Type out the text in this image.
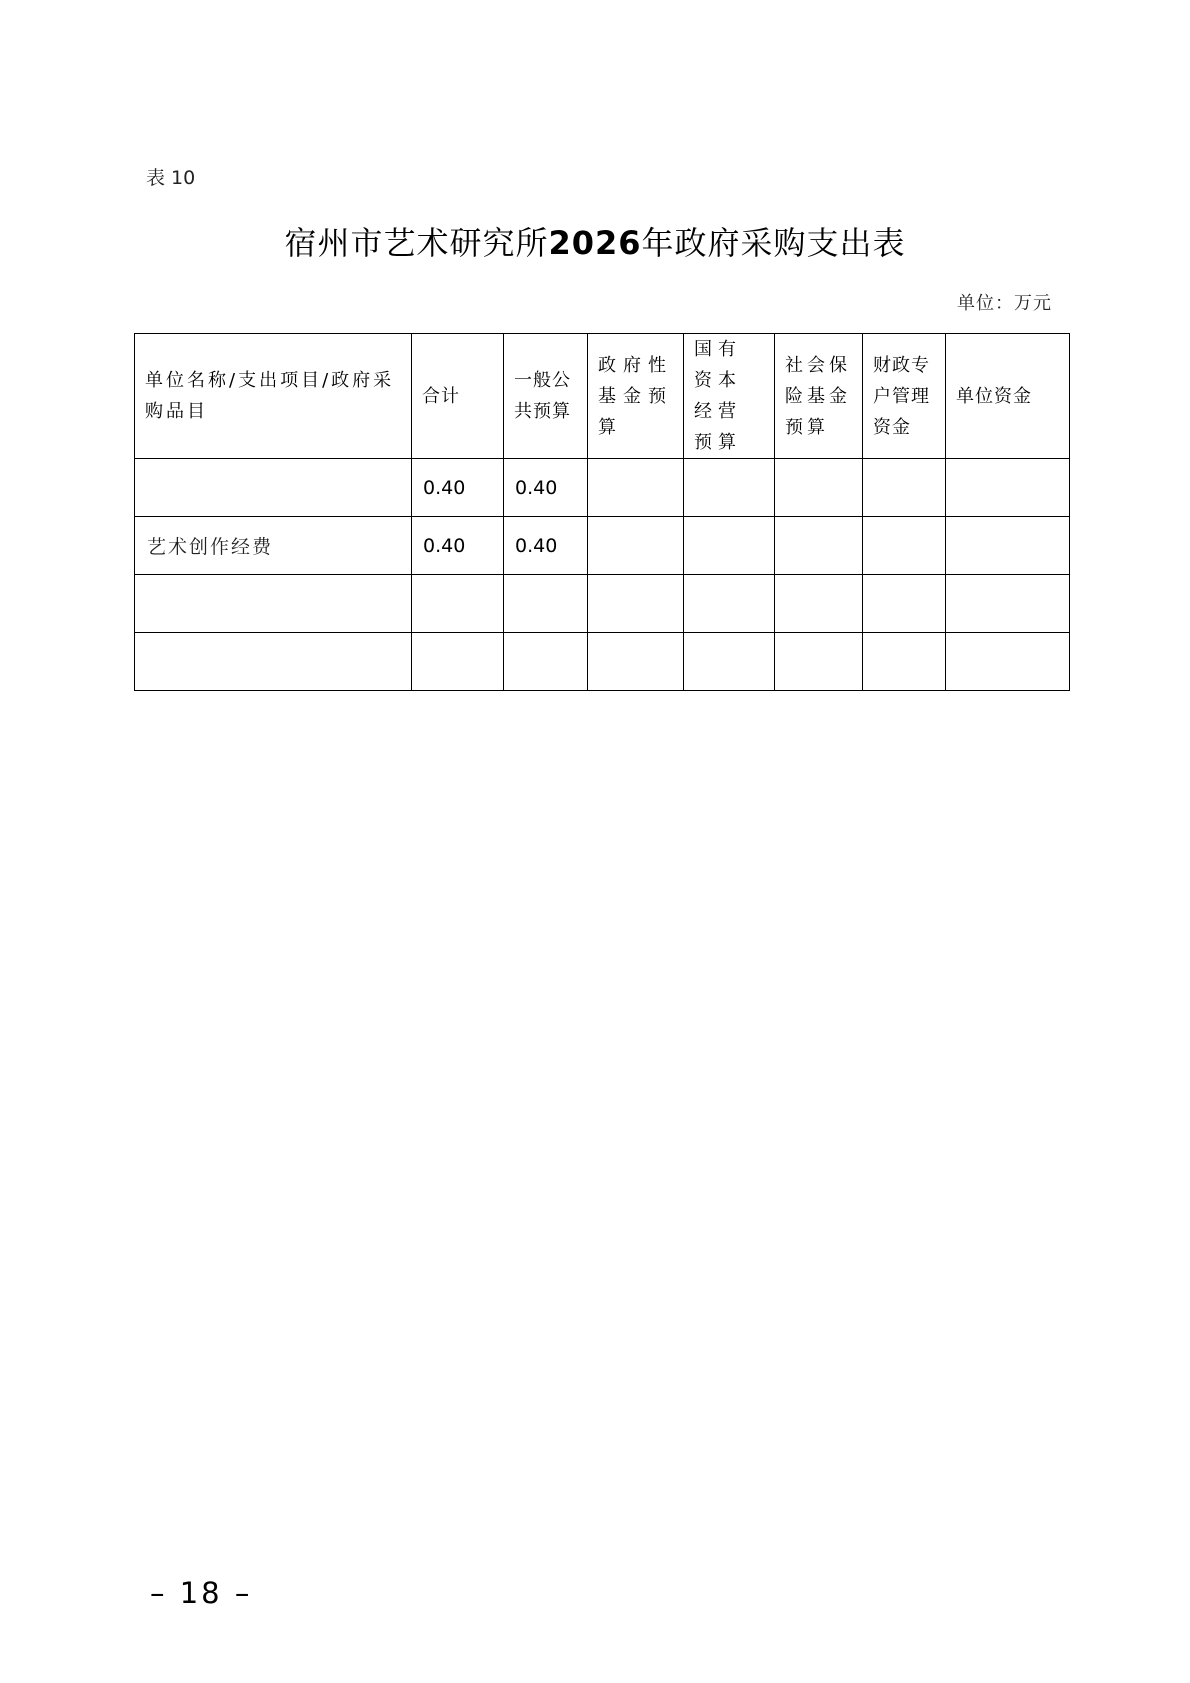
表 10
宿州市艺术研究所2026年政府采购支出表
单位：万元
单位名称/支出项目/政府采购品目	合计	一般公共预算	政府性基金预算	国有资本经营预算	社会保险基金预算	财政专户管理资金	单位资金

	0.40	0.40					

艺术创作经费	0.40	0.40					

– 18 –
